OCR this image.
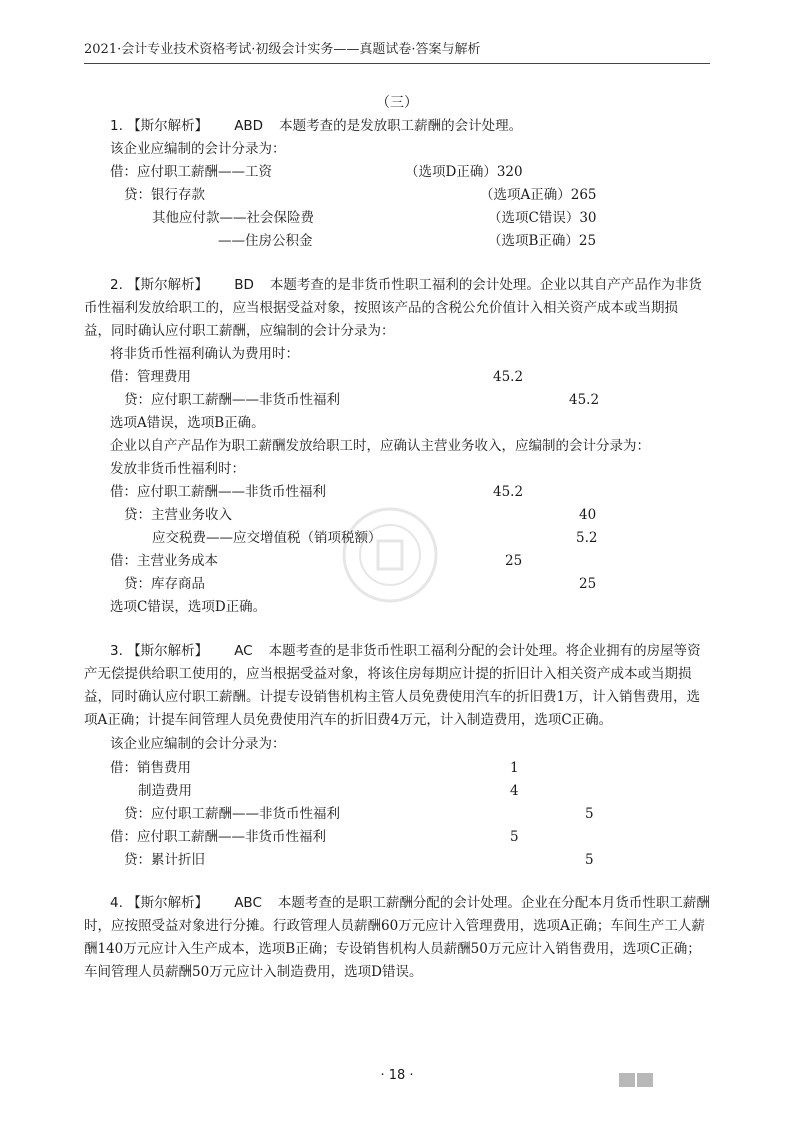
2021·会计专业技术资格考试·初级会计实务——真题试卷·答案与解析
（三）
1. 【斯尔解析】 ABD 本题考查的是发放职工薪酬的会计处理。
该企业应编制的会计分录为：
借：应付职工薪酬——工资	（选项D正确）320
贷：银行存款	（选项A正确）265
其他应付款——社会保险费	（选项C错误）30
——住房公积金	（选项B正确）25
2. 【斯尔解析】 BD 本题考查的是非货币性职工福利的会计处理。企业以其自产产品作为非货
币性福利发放给职工的，应当根据受益对象，按照该产品的含税公允价值计入相关资产成本或当期损
益，同时确认应付职工薪酬，应编制的会计分录为：
将非货币性福利确认为费用时：
借：管理费用	45.2
贷：应付职工薪酬——非货币性福利	45.2
选项A错误，选项B正确。
企业以自产产品作为职工薪酬发放给职工时，应确认主营业务收入，应编制的会计分录为：
发放非货币性福利时：
借：应付职工薪酬——非货币性福利	45.2
贷：主营业务收入	40
应交税费——应交增值税（销项税额）	5.2
借：主营业务成本	25
贷：库存商品	25
选项C错误，选项D正确。
3. 【斯尔解析】 AC 本题考查的是非货币性职工福利分配的会计处理。将企业拥有的房屋等资
产无偿提供给职工使用的，应当根据受益对象，将该住房每期应计提的折旧计入相关资产成本或当期损
益，同时确认应付职工薪酬。计提专设销售机构主管人员免费使用汽车的折旧费1万，计入销售费用，选
项A正确；计提车间管理人员免费使用汽车的折旧费4万元，计入制造费用，选项C正确。
该企业应编制的会计分录为：
借：销售费用	1
制造费用	4
贷：应付职工薪酬——非货币性福利	5
借：应付职工薪酬——非货币性福利	5
贷：累计折旧	5
4. 【斯尔解析】 ABC 本题考查的是职工薪酬分配的会计处理。企业在分配本月货币性职工薪酬
时，应按照受益对象进行分摊。行政管理人员薪酬60万元应计入管理费用，选项A正确；车间生产工人薪
酬140万元应计入生产成本，选项B正确；专设销售机构人员薪酬50万元应计入销售费用，选项C正确；
车间管理人员薪酬50万元应计入制造费用，选项D错误。
· 18 ·
